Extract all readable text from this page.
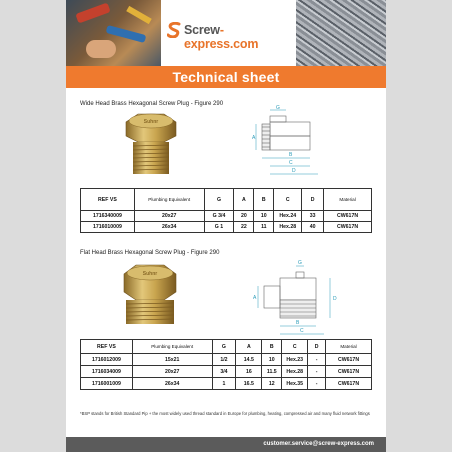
Screw-express.com
Technical sheet
Wide Head Brass Hexagonal Screw Plug - Figure 290
Suhnr
A
B
C
D
G
REF VS	Plumbing Equivalent	G	A	B	C	D	Material
1716340009	20x27	G 3/4	20	10	Hex.24	33	CW617N
1716010009	26x34	G 1	22	11	Hex.28	40	CW617N
Flat Head Brass Hexagonal Screw Plug - Figure 290
Suhnr
A
B
C
D
G
REF VS	Plumbing Equivalent	G	A	B	C	D	Material
1716012009	15x21	1/2	14.5	10	Hex.23	-	CW617N
1716034009	20x27	3/4	16	11.5	Hex.28	-	CW617N
1716001009	26x34	1	16.5	12	Hex.35	-	CW617N
*BSP stands for British Standard Pip + the most widely used thread standard in Europe for plumbing, heating, compressed air and many fluid network fittings
customer.service@screw-express.com
